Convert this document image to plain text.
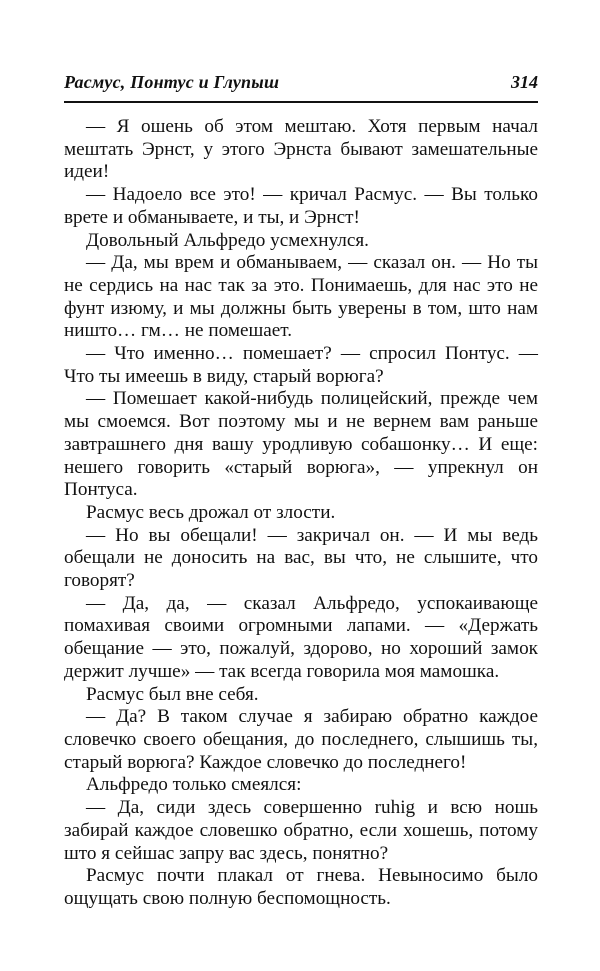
Расмус, Понтус и Глупыш	314

— Я ошень об этом мештаю. Хотя первым начал мештать Эрнст, у этого Эрнста бывают замешательные идеи!

— Надоело все это! — кричал Расмус. — Вы только врете и обманываете, и ты, и Эрнст!

Довольный Альфредо усмехнулся.

— Да, мы врем и обманываем, — сказал он. — Но ты не сердись на нас так за это. Понимаешь, для нас это не фунт изюму, и мы должны быть уверены в том, што нам ништо… гм… не помешает.

— Что именно… помешает? — спросил Понтус. — Что ты имеешь в виду, старый ворюга?

— Помешает какой-нибудь полицейский, прежде чем мы смоемся. Вот поэтому мы и не вернем вам раньше завтрашнего дня вашу уродливую собашонку… И еще: нешего говорить «старый ворюга», — упрекнул он Понтуса.

Расмус весь дрожал от злости.

— Но вы обещали! — закричал он. — И мы ведь обещали не доносить на вас, вы что, не слышите, что говорят?

— Да, да, — сказал Альфредо, успокаивающе помахивая своими огромными лапами. — «Держать обещание — это, пожалуй, здорово, но хороший замок держит лучше» — так всегда говорила моя мамошка.

Расмус был вне себя.

— Да? В таком случае я забираю обратно каждое словечко своего обещания, до последнего, слышишь ты, старый ворюга? Каждое словечко до последнего!

Альфредо только смеялся:

— Да, сиди здесь совершенно ruhig и всю ношь забирай каждое словешко обратно, если хошешь, потому што я сейшас запру вас здесь, понятно?

Расмус почти плакал от гнева. Невыносимо было ощущать свою полную беспомощность.
